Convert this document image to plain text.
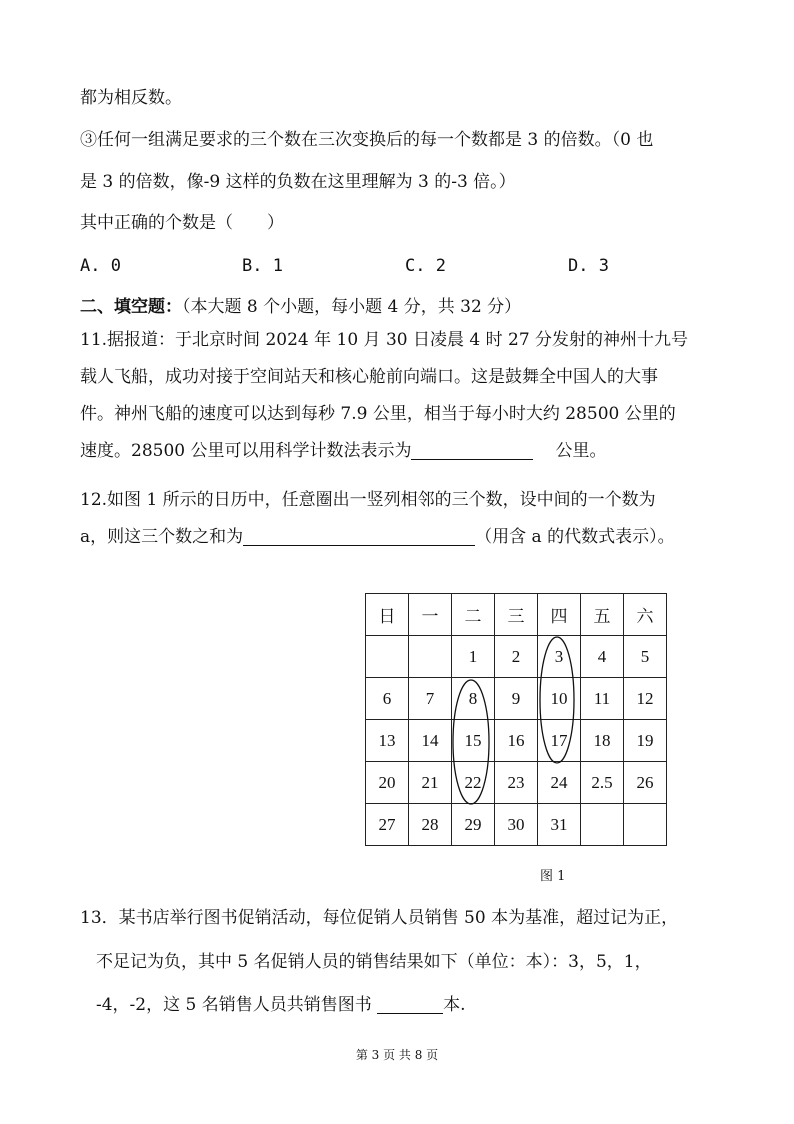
都为相反数。
③任何一组满足要求的三个数在三次变换后的每一个数都是 3 的倍数。（0 也
是 3 的倍数，像-9 这样的负数在这里理解为 3 的-3 倍。）
其中正确的个数是（　　）
A. 0	B. 1	C. 2	D. 3
二、填空题：（本大题 8 个小题，每小题 4 分，共 32 分）
11.据报道：于北京时间 2024 年 10 月 30 日凌晨 4 时 27 分发射的神州十九号
载人飞船，成功对接于空间站天和核心舱前向端口。这是鼓舞全中国人的大事
件。神州飞船的速度可以达到每秒 7.9 公里，相当于每小时大约 28500 公里的
速度。28500 公里可以用科学计数法表示为	公里。
12.如图 1 所示的日历中，任意圈出一竖列相邻的三个数，设中间的一个数为
a，则这三个数之和为	（用含 a 的代数式表示）。
日	一	二	三	四	五	六
		1	2	3	4	5
6	7	8	9	10	11	12
13	14	15	16	17	18	19
20	21	22	23	24	2.5	26
27	28	29	30	31		
图 1
13．某书店举行图书促销活动，每位促销人员销售 50 本为基准，超过记为正，
不足记为负，其中 5 名促销人员的销售结果如下（单位：本）：3，5，1，
-4，-2，这 5 名销售人员共销售图书	本.
第 3 页 共 8 页
